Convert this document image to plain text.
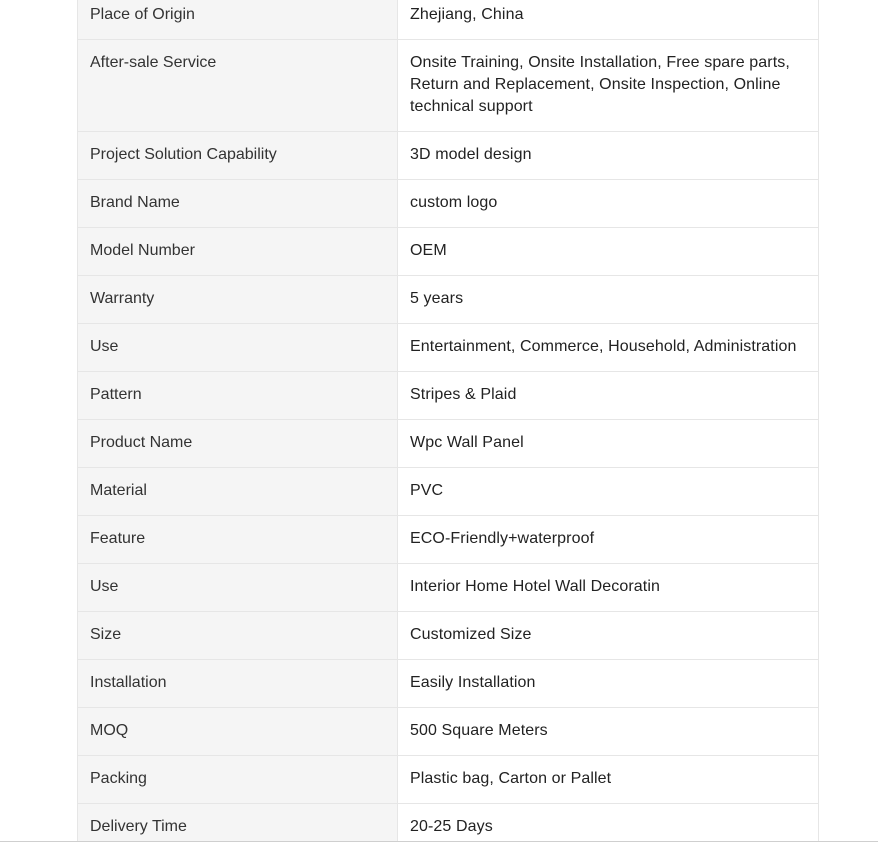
Place of Origin	Zhejiang, China
After-sale Service	Onsite Training, Onsite Installation, Free spare parts, Return and Replacement, Onsite Inspection, Online technical support
Project Solution Capability	3D model design
Brand Name	custom logo
Model Number	OEM
Warranty	5 years
Use	Entertainment, Commerce, Household, Administration
Pattern	Stripes & Plaid
Product Name	Wpc Wall Panel
Material	PVC
Feature	ECO-Friendly+waterproof
Use	Interior Home Hotel Wall Decoratin
Size	Customized Size
Installation	Easily Installation
MOQ	500 Square Meters
Packing	Plastic bag, Carton or Pallet
Delivery Time	20-25 Days
